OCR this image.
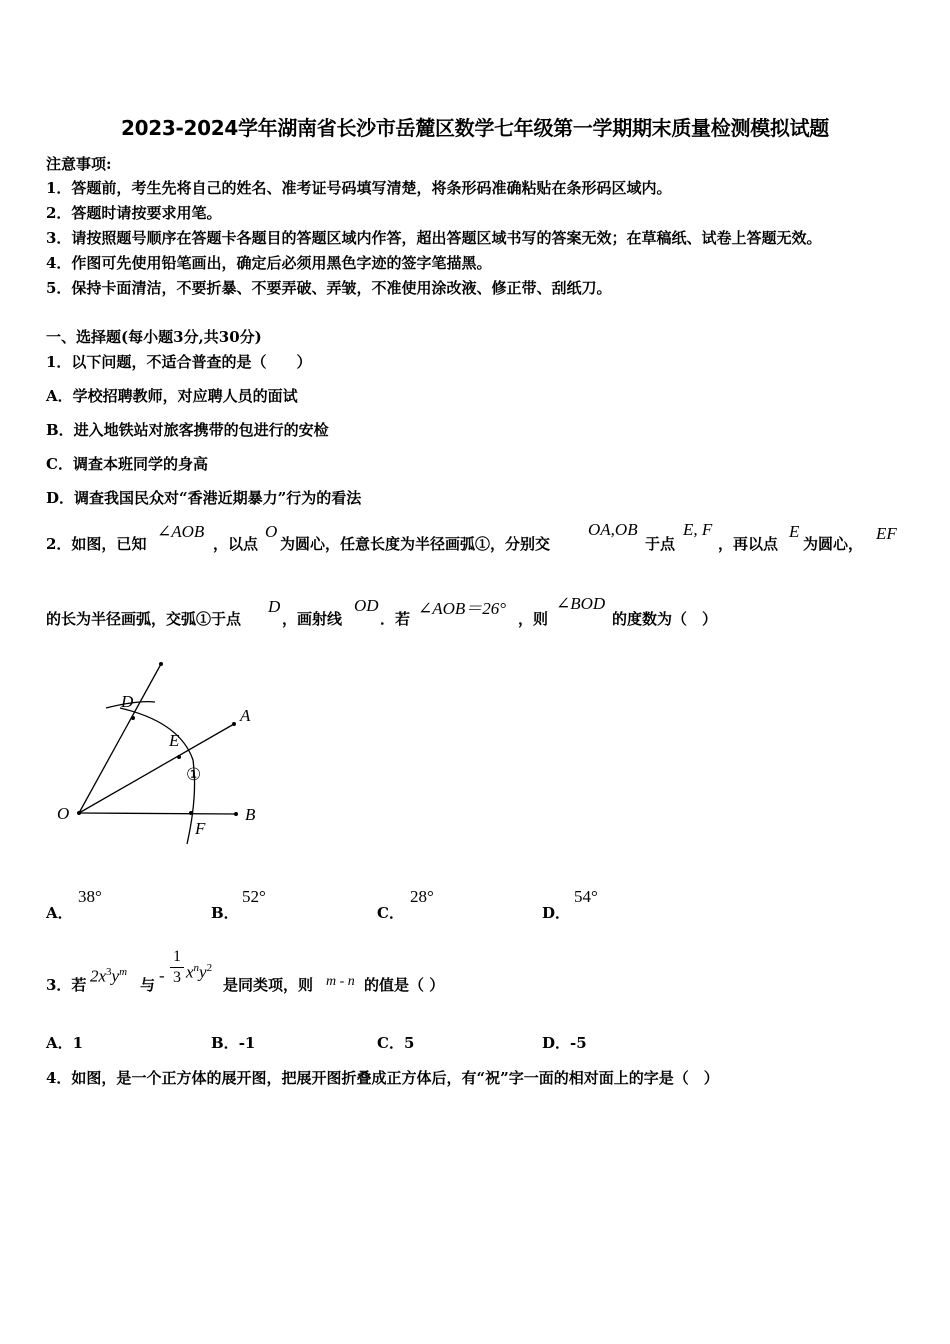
2023-2024学年湖南省长沙市岳麓区数学七年级第一学期期末质量检测模拟试题
注意事项:
1．答题前，考生先将自己的姓名、准考证号码填写清楚，将条形码准确粘贴在条形码区域内。
2．答题时请按要求用笔。
3．请按照题号顺序在答题卡各题目的答题区域内作答，超出答题区域书写的答案无效；在草稿纸、试卷上答题无效。
4．作图可先使用铅笔画出，确定后必须用黑色字迹的签字笔描黑。
5．保持卡面清洁，不要折暴、不要弄破、弄皱，不准使用涂改液、修正带、刮纸刀。
一、选择题(每小题3分,共30分)
1．以下问题，不适合普查的是（　　）
A．学校招聘教师，对应聘人员的面试
B．进入地铁站对旅客携带的包进行的安检
C．调查本班同学的身高
D．调查我国民众对“香港近期暴力”行为的看法
2．如图，已知
∠AOB
，以点
O
为圆心，任意长度为半径画弧①，分别交
OA,OB
于点
E, F
，再以点
E
为圆心，
EF
的长为半径画弧，交弧①于点
D
，画射线
OD
．若
∠AOB＝26°
，则
∠BOD
的度数为（　）
O
A
B
D
E
F
①
A．
38°
B．
52°
C．
28°
D．
54°
3．若 $2x^3y^m$
与 -
1
3 $x^ny^2$
是同类项，则 m - n 的值是（ ）
A．1	B．-1	C．5	D．-5
4．如图，是一个正方体的展开图，把展开图折叠成正方体后，有“祝”字一面的相对面上的字是（　）
